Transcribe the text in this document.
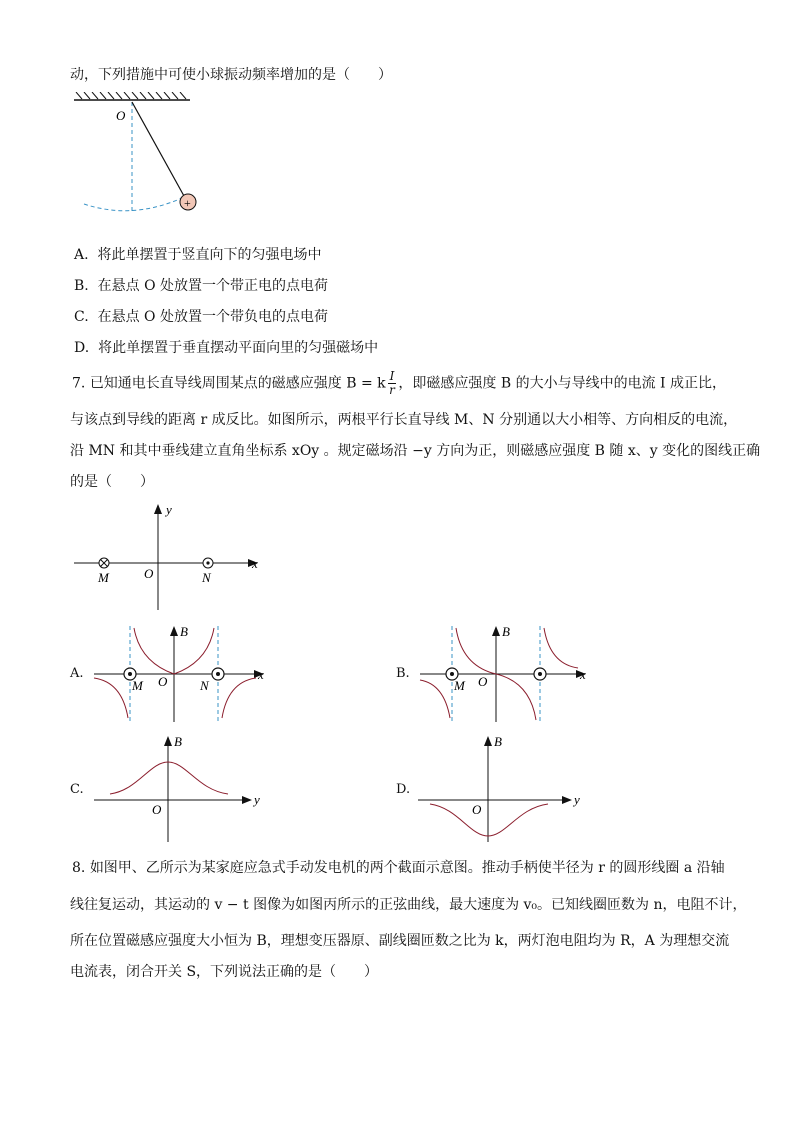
动，下列措施中可使小球振动频率增加的是（　　）
O
+
A. 将此单摆置于竖直向下的匀强电场中
B. 在悬点 O 处放置一个带正电的点电荷
C. 在悬点 O 处放置一个带负电的点电荷
D. 将此单摆置于垂直摆动平面向里的匀强磁场中
7. 已知通电长直导线周围某点的磁感应强度 B = k $\frac{I}{r}$ ，即磁感应强度 B 的大小与导线中的电流 I 成正比，
与该点到导线的距离 r 成反比。如图所示，两根平行长直导线 M、N 分别通以大小相等、方向相反的电流，
沿 MN 和其中垂线建立直角坐标系 xOy 。规定磁场沿 −y 方向为正，则磁感应强度 B 随 x、y 变化的图线正确
的是（　　）
y
x
O
M	N
A.
B
x
O
M	N
B.
B
x
O
M
C.
B
y
O
D.
B
y
O
8. 如图甲、乙所示为某家庭应急式手动发电机的两个截面示意图。推动手柄使半径为 r 的圆形线圈 a 沿轴
线往复运动，其运动的 v − t 图像为如图丙所示的正弦曲线，最大速度为 v₀。已知线圈匝数为 n，电阻不计，
所在位置磁感应强度大小恒为 B，理想变压器原、副线圈匝数之比为 k，两灯泡电阻均为 R，A 为理想交流
电流表，闭合开关 S，下列说法正确的是（　　）
